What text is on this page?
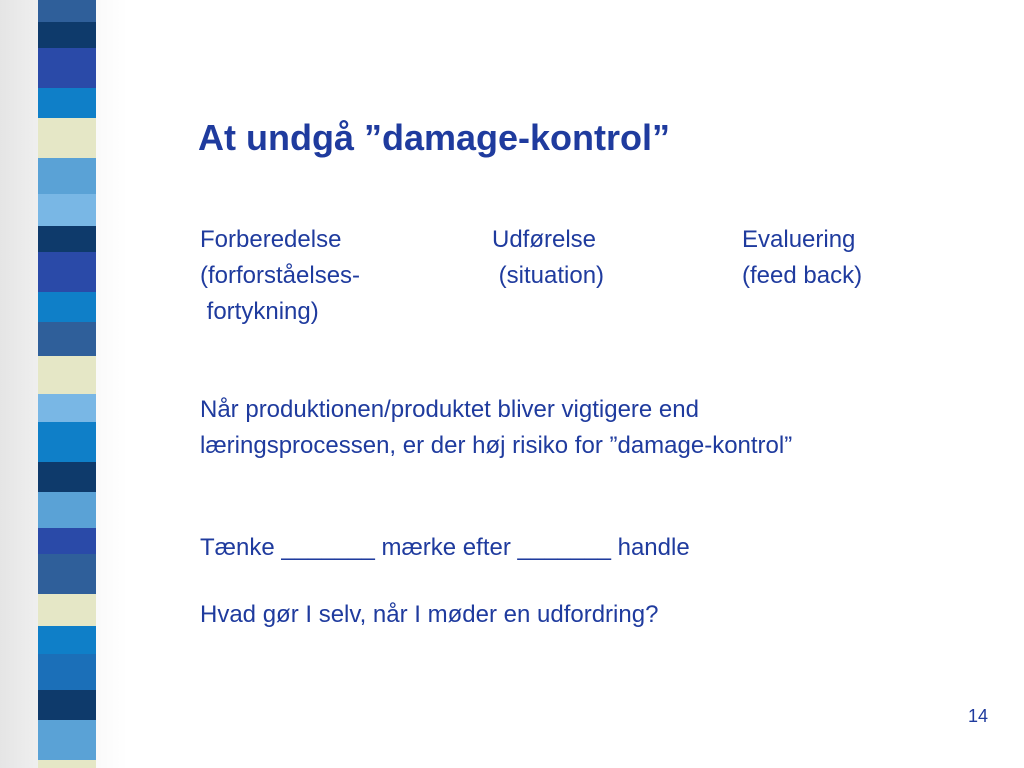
At undgå ”damage-kontrol”
Forberedelse
(forforståelses-
fortykning)
Udførelse
(situation)
Evaluering
(feed back)

Når produktionen/produktet bliver vigtigere end
læringsprocessen, er der høj risiko for ”damage-kontrol”

Tænke _______ mærke efter _______ handle

Hvad gør I selv, når I møder en udfordring?

14
